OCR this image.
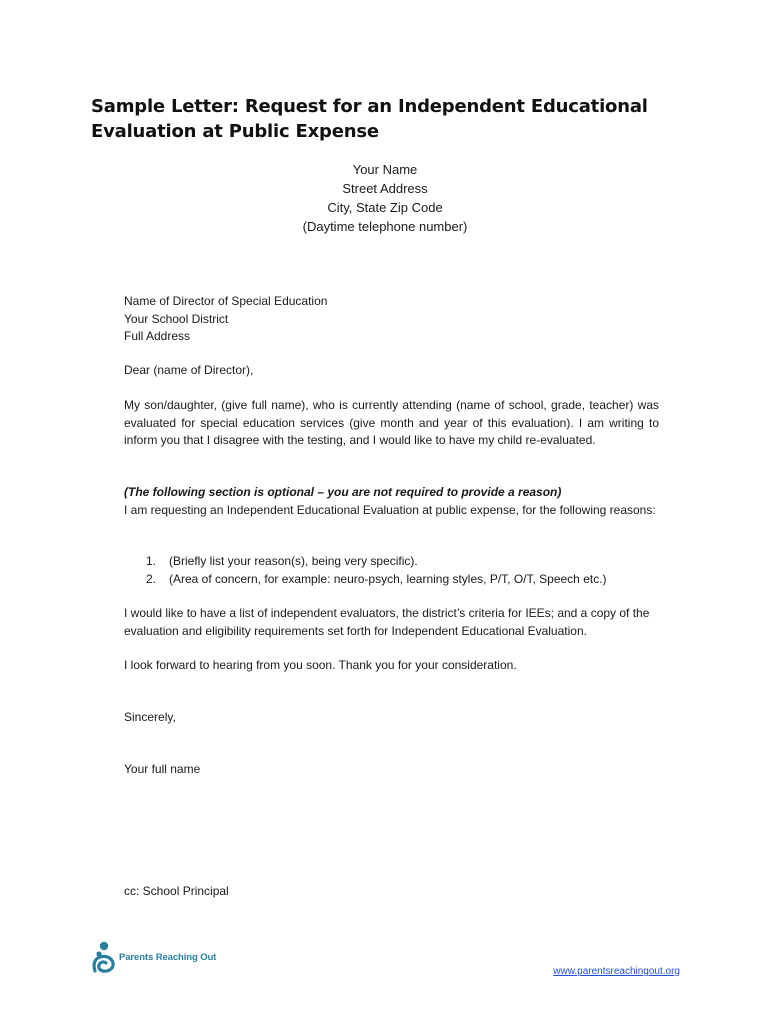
Sample Letter: Request for an Independent Educational Evaluation at Public Expense
Your Name
Street Address
City, State Zip Code
(Daytime telephone number)
Name of Director of Special Education
Your School District
Full Address
Dear (name of Director),
My son/daughter, (give full name), who is currently attending (name of school, grade, teacher) was evaluated for special education services (give month and year of this evaluation). I am writing to inform you that I disagree with the testing, and I would like to have my child re-evaluated.
(The following section is optional – you are not required to provide a reason)
I am requesting an Independent Educational Evaluation at public expense, for the following reasons:
1.	(Briefly list your reason(s), being very specific).
2.	(Area of concern, for example: neuro-psych, learning styles, P/T, O/T, Speech etc.)
I would like to have a list of independent evaluators, the district’s criteria for IEEs; and a copy of the evaluation and eligibility requirements set forth for Independent Educational Evaluation.
I look forward to hearing from you soon. Thank you for your consideration.
Sincerely,
Your full name
cc: School Principal
Parents Reaching Out
www.parentsreachingout.org
